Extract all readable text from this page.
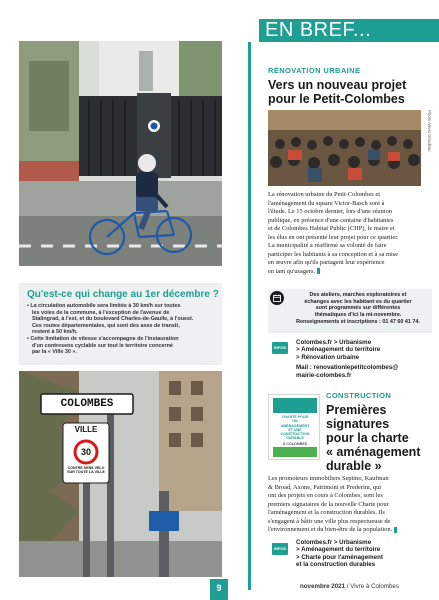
EN BREF...
Qu'est-ce qui change au 1er décembre ?
• La circulation automobile sera limitée à 30 km/h sur toutes
les voies de la commune, à l'exception de l'avenue de
Stalingrad, à l'est, et du boulevard Charles-de-Gaulle, à l'ouest.
Ces routes départementales, qui sont des axes de transit,
restent à 50 km/h.
• Cette limitation de vitesse s'accompagne de l'instauration
d'un contresens cyclable sur tout le territoire concerné
par la « Ville 30 ».
COLOMBES
VILLE
30
CONTRE SENS VELO SUR TOUTE LA VILLE
RÉNOVATION URBAINE
Vers un nouveau projet
pour le Petit-Colombes
Photo Alexis Goudeau
La rénovation urbaine du Petit-Colombes et
l'aménagement du square Victor-Basch sont à
l'étude. Le 15 octobre dernier, lors d'une réunion
publique, en présence d'une centaine d'habitantes
et de Colombes Habitat Public (CHP), le maire et
les élus en ont présenté leur projet pour ce quartier.
La municipalité a réaffirmé sa volonté de faire
participer les habitants à sa conception et à sa mise
en œuvre afin qu'ils partagent leur expérience
en tant qu'usagers.
Des ateliers, marches exploratoires et
échanges avec les habitant·es du quartier
sont programmés sur différentes
thématiques d'ici la mi-novembre.
Renseignements et inscriptions : 01 47 60 41 74.
INFOS
Colombes.fr > Urbanisme
> Aménagement du territoire
> Rénovation urbaine
Mail : renovationlepetitcolombes@
mairie-colombes.fr
CHARTE POUR
UN
AMÉNAGEMENT
ET UNE
CONSTRUCTION
DURABLE
À COLOMBES
CONSTRUCTION
Premières
signatures
pour la charte
« aménagement
durable »
Les promoteurs immobiliers Sepimo, Kaufman
& Broad, Axone, Patrimoni et Prederim, qui
ont des projets en cours à Colombes, sont les
premiers signataires de la nouvelle Charte pour
l'aménagement et la construction durables. Ils
s'engagent à bâtir une ville plus respectueuse de
l'environnement et du bien-être de la population.
INFOS
Colombes.fr > Urbanisme
> Aménagement du territoire
> Charte pour l'aménagement
et la construction durables
9	novembre 2021 / Vivre à Colombes
